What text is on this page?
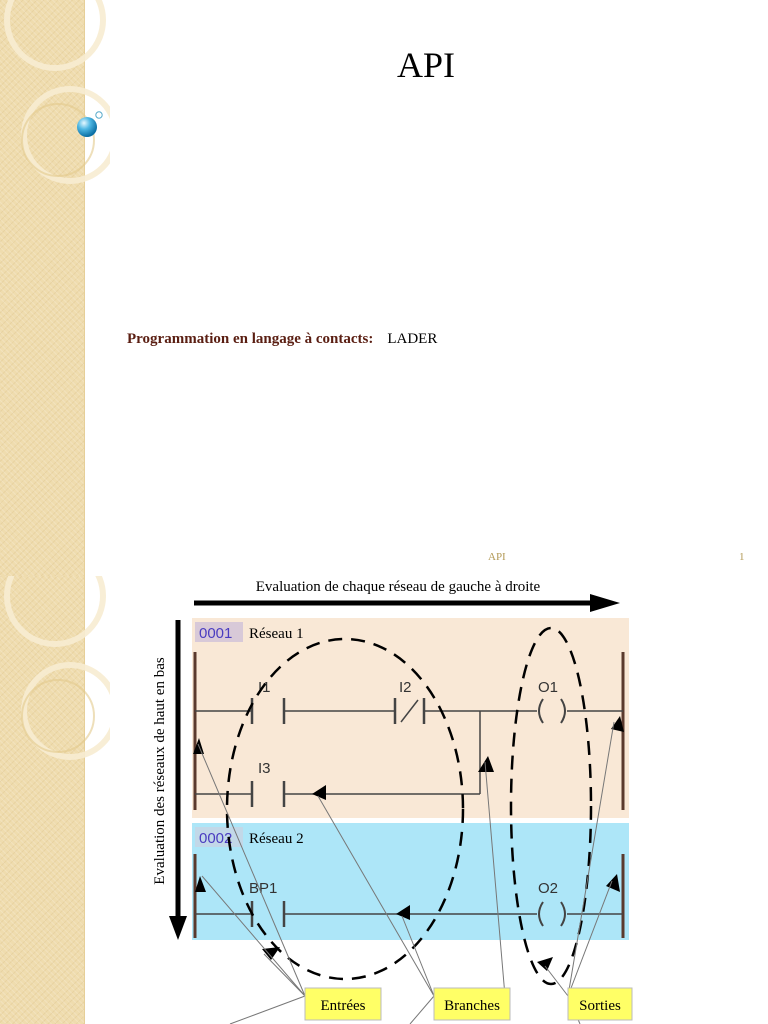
API
Programmation en langage à contacts: LADER
API	1
Evaluation de chaque réseau de gauche à droite
Evaluation des réseaux de haut en bas
0001 Réseau 1
0002 Réseau 2
I1	I2	O1
I3
BP1	O2
Entrées	Branches	Sorties
